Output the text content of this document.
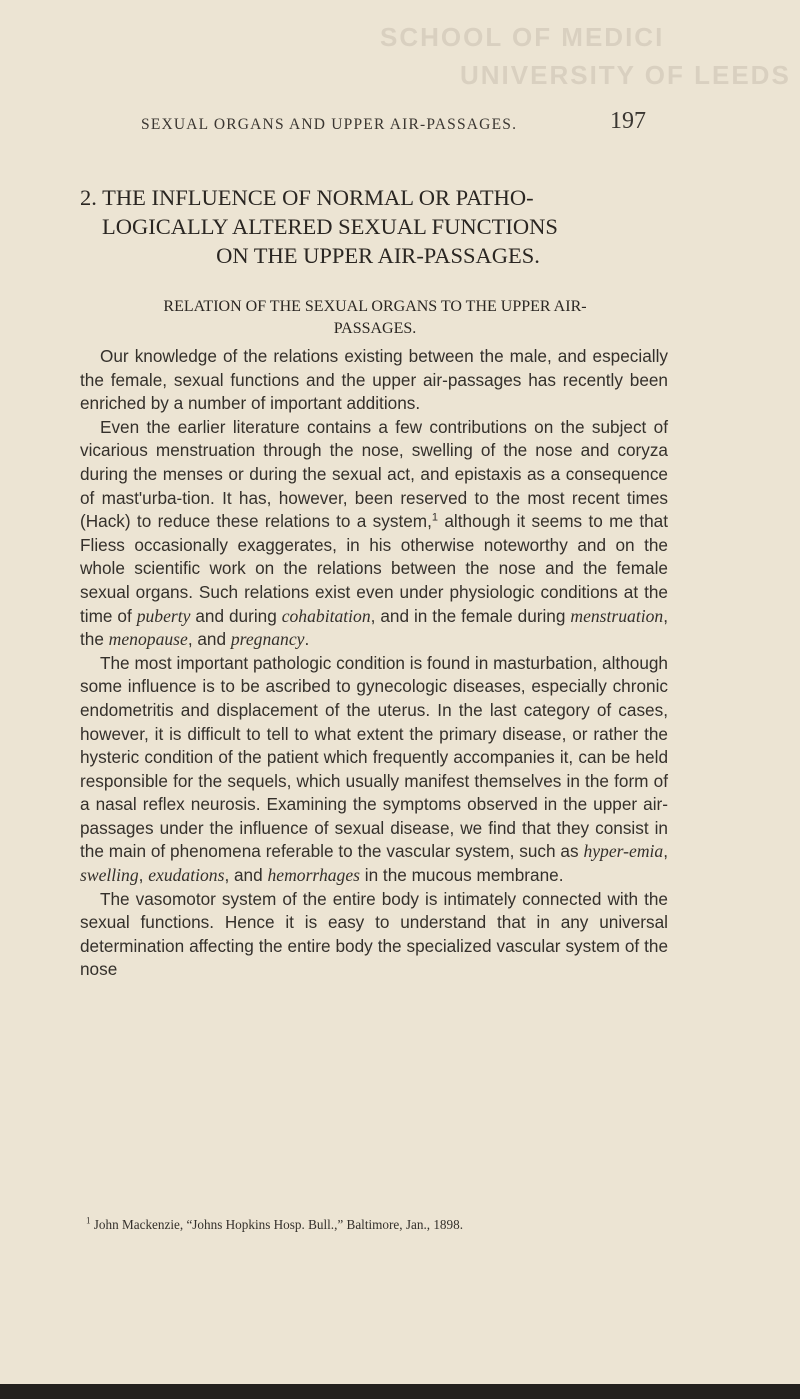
SCHOOL OF MEDICI
UNIVERSITY OF LEEDS
SEXUAL ORGANS AND UPPER AIR-PASSAGES.	197
2. THE INFLUENCE OF NORMAL OR PATHO-
LOGICALLY ALTERED SEXUAL FUNCTIONS
ON THE UPPER AIR-PASSAGES.
RELATION OF THE SEXUAL ORGANS TO THE UPPER AIR-
PASSAGES.

Our knowledge of the relations existing between the male, and especially the female, sexual functions and the upper air-passages has recently been enriched by a number of important additions.

Even the earlier literature contains a few contributions on the subject of vicarious menstruation through the nose, swelling of the nose and coryza during the menses or during the sexual act, and epistaxis as a consequence of mast'urba-tion. It has, however, been reserved to the most recent times (Hack) to reduce these relations to a system,$^1$ although it seems to me that Fliess occasionally exaggerates, in his otherwise noteworthy and on the whole scientific work on the relations between the nose and the female sexual organs. Such relations exist even under physiologic conditions at the time of puberty and during cohabitation, and in the female during menstruation, the menopause, and pregnancy.

The most important pathologic condition is found in masturbation, although some influence is to be ascribed to gynecologic diseases, especially chronic endometritis and displacement of the uterus. In the last category of cases, however, it is difficult to tell to what extent the primary disease, or rather the hysteric condition of the patient which frequently accompanies it, can be held responsible for the sequels, which usually manifest themselves in the form of a nasal reflex neurosis. Examining the symptoms observed in the upper air-passages under the influence of sexual disease, we find that they consist in the main of phenomena referable to the vascular system, such as hyper-emia, swelling, exudations, and hemorrhages in the mucous membrane.

The vasomotor system of the entire body is intimately connected with the sexual functions. Hence it is easy to understand that in any universal determination affecting the entire body the specialized vascular system of the nose

$^1$ John Mackenzie, “Johns Hopkins Hosp. Bull.,” Baltimore, Jan., 1898.
